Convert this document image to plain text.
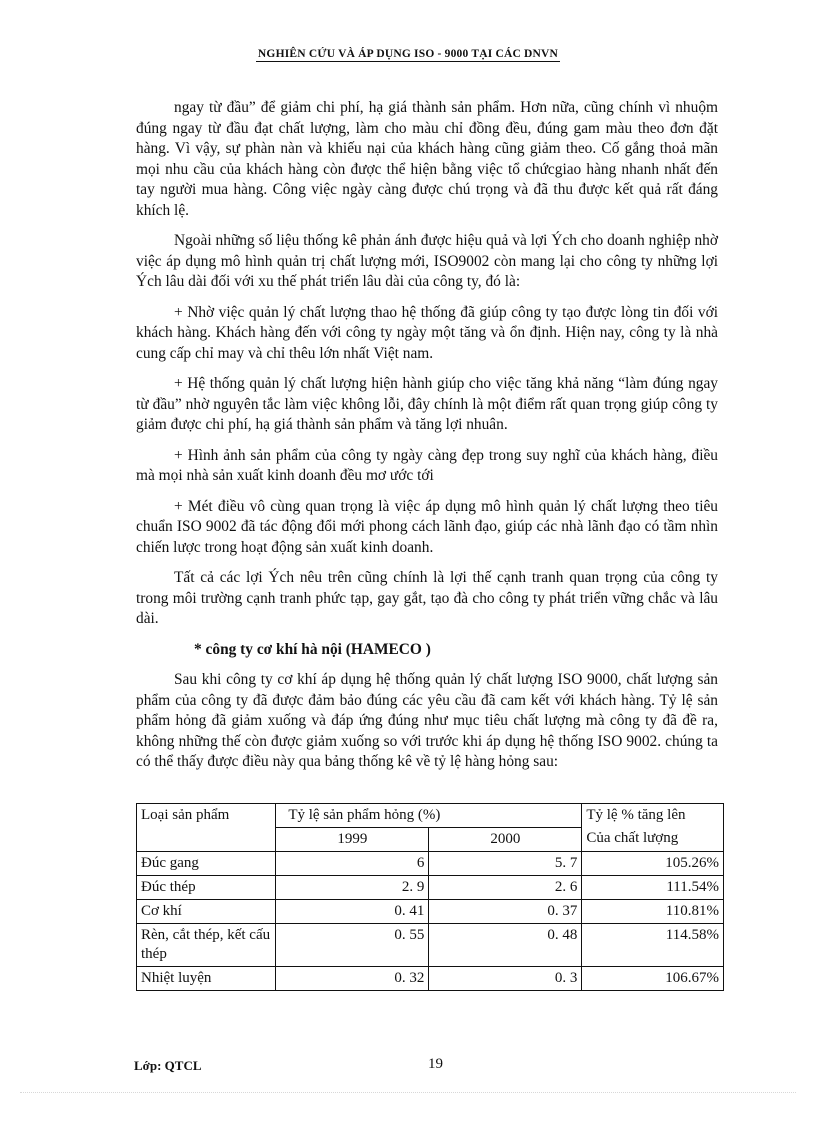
NGHIÊN CỨU VÀ ÁP DỤNG ISO - 9000 TẠI CÁC DNVN

ngay từ đầu” để giảm chi phí, hạ giá thành sản phẩm. Hơn nữa, cũng chính vì nhuộm đúng ngay từ đầu đạt chất lượng, làm cho màu chỉ đồng đều, đúng gam màu theo đơn đặt hàng. Vì vậy, sự phàn nàn và khiếu nại của khách hàng cũng giảm theo. Cố gắng thoả mãn mọi nhu cầu của khách hàng còn được thể hiện bằng việc tổ chứcgiao hàng nhanh nhất đến tay người mua hàng. Công việc ngày càng được chú trọng và đã thu được kết quả rất đáng khích lệ.

Ngoài những số liệu thống kê phản ánh được hiệu quả và lợi Ých cho doanh nghiệp nhờ việc áp dụng mô hình quản trị chất lượng mới, ISO9002 còn mang lại cho công ty những lợi Ých lâu dài đối với xu thế phát triển lâu dài của công ty, đó là:

+ Nhờ việc quản lý chất lượng thao hệ thống đã giúp công ty tạo được lòng tin đối với khách hàng. Khách hàng đến với công ty ngày một tăng và ổn định. Hiện nay, công ty là nhà cung cấp chỉ may và chỉ thêu lớn nhất Việt nam.

+ Hệ thống quản lý chất lượng hiện hành giúp cho việc tăng khả năng “làm đúng ngay từ đầu” nhờ nguyên tắc làm việc không lỗi, đây chính là một điểm rất quan trọng giúp công ty giảm được chi phí, hạ giá thành sản phẩm và tăng lợi nhuân.

+ Hình ảnh sản phẩm của công ty ngày càng đẹp trong suy nghĩ của khách hàng, điều mà mọi nhà sản xuất kinh doanh đều mơ ước tới

+ Mét điều vô cùng quan trọng là việc áp dụng mô hình quản lý chất lượng theo tiêu chuẩn ISO 9002 đã tác động đổi mới phong cách lãnh đạo, giúp các nhà lãnh đạo có tầm nhìn chiến lược trong hoạt động sản xuất kinh doanh.

Tất cả các lợi Ých nêu trên cũng chính là lợi thế cạnh tranh quan trọng của công ty trong môi trường cạnh tranh phức tạp, gay gắt, tạo đà cho công ty phát triển vững chắc và lâu dài.

* công ty cơ khí hà nội (HAMECO )

Sau khi công ty cơ khí áp dụng hệ thống quản lý chất lượng ISO 9000, chất lượng sản phẩm của công ty đã được đảm bảo đúng các yêu cầu đã cam kết với khách hàng. Tỷ lệ sản phẩm hỏng đã giảm xuống và đáp ứng đúng như mục tiêu chất lượng mà công ty đã đề ra, không những thế còn được giảm xuống so với trước khi áp dụng hệ thống ISO 9002. chúng ta có thể thấy được điều này qua bảng thống kê về tỷ lệ hàng hỏng sau:

Loại sản phẩm	Tỷ lệ sản phẩm hỏng (%)		Tỷ lệ % tăng lên
Của chất lượng

	1999	2000	
Đúc gang	6	5. 7	105.26%
Đúc thép	2. 9	2. 6	111.54%
Cơ khí	0. 41	0. 37	110.81%
Rèn, cắt thép, kết cấu thép	0. 55	0. 48	114.58%
Nhiệt luyện	0. 32	0. 3	106.67%
Lớp: QTCL	19
